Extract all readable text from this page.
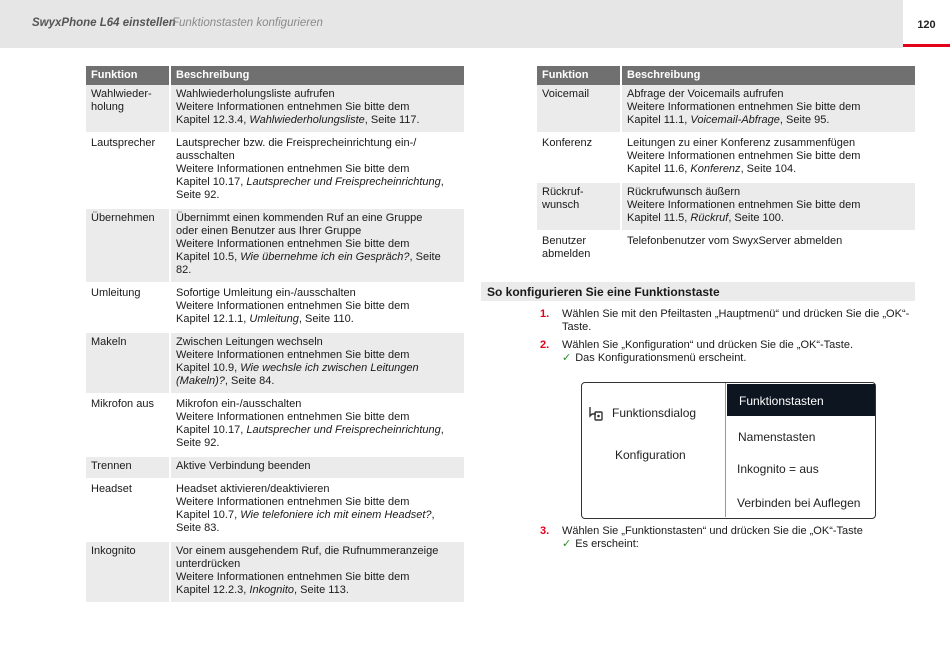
SwyxPhone L64 einstellen
Funktionstasten konfigurieren	120
Funktion	Beschreibung

Wahlwieder-
holung	Wahlwiederholungsliste aufrufen
Weitere Informationen entnehmen Sie bitte dem
Kapitel 12.3.4, Wahlwiederholungsliste, Seite 117.

Lautsprecher	Lautsprecher bzw. die Freisprecheinrichtung ein-/
ausschalten
Weitere Informationen entnehmen Sie bitte dem
Kapitel 10.17, Lautsprecher und Freisprecheinrichtung, Seite 92.

Übernehmen	Übernimmt einen kommenden Ruf an eine Gruppe
oder einen Benutzer aus Ihrer Gruppe
Weitere Informationen entnehmen Sie bitte dem
Kapitel 10.5, Wie übernehme ich ein Gespräch?, Seite 82.

Umleitung	Sofortige Umleitung ein-/ausschalten
Weitere Informationen entnehmen Sie bitte dem
Kapitel 12.1.1, Umleitung, Seite 110.

Makeln	Zwischen Leitungen wechseln
Weitere Informationen entnehmen Sie bitte dem
Kapitel 10.9, Wie wechsle ich zwischen Leitungen (Makeln)?, Seite 84.

Mikrofon aus	Mikrofon ein-/ausschalten
Weitere Informationen entnehmen Sie bitte dem
Kapitel 10.17, Lautsprecher und Freisprecheinrichtung, Seite 92.

Trennen	Aktive Verbindung beenden

Headset	Headset aktivieren/deaktivieren
Weitere Informationen entnehmen Sie bitte dem
Kapitel 10.7, Wie telefoniere ich mit einem Headset?, Seite 83.

Inkognito	Vor einem ausgehendem Ruf, die Rufnummeranzeige
unterdrücken
Weitere Informationen entnehmen Sie bitte dem
Kapitel 12.2.3, Inkognito, Seite 113.
Funktion	Beschreibung

Voicemail	Abfrage der Voicemails aufrufen
Weitere Informationen entnehmen Sie bitte dem
Kapitel 11.1, Voicemail-Abfrage, Seite 95.

Konferenz	Leitungen zu einer Konferenz zusammenfügen
Weitere Informationen entnehmen Sie bitte dem
Kapitel 11.6, Konferenz, Seite 104.

Rückruf-
wunsch	Rückrufwunsch äußern
Weitere Informationen entnehmen Sie bitte dem
Kapitel 11.5, Rückruf, Seite 100.

Benutzer
abmelden	Telefonbenutzer vom SwyxServer abmelden
So konfigurieren Sie eine Funktionstaste
1. Wählen Sie mit den Pfeiltasten „Hauptmenü“ und drücken Sie die „OK“-Taste.
2. Wählen Sie „Konfiguration“ und drücken Sie die „OK“-Taste.
✓ Das Konfigurationsmenü erscheint.
Funktionsdialog
Konfiguration
Funktionstasten
Namenstasten
Inkognito = aus
Verbinden bei Auflegen
3. Wählen Sie „Funktionstasten“ und drücken Sie die „OK“-Taste
✓ Es erscheint:
